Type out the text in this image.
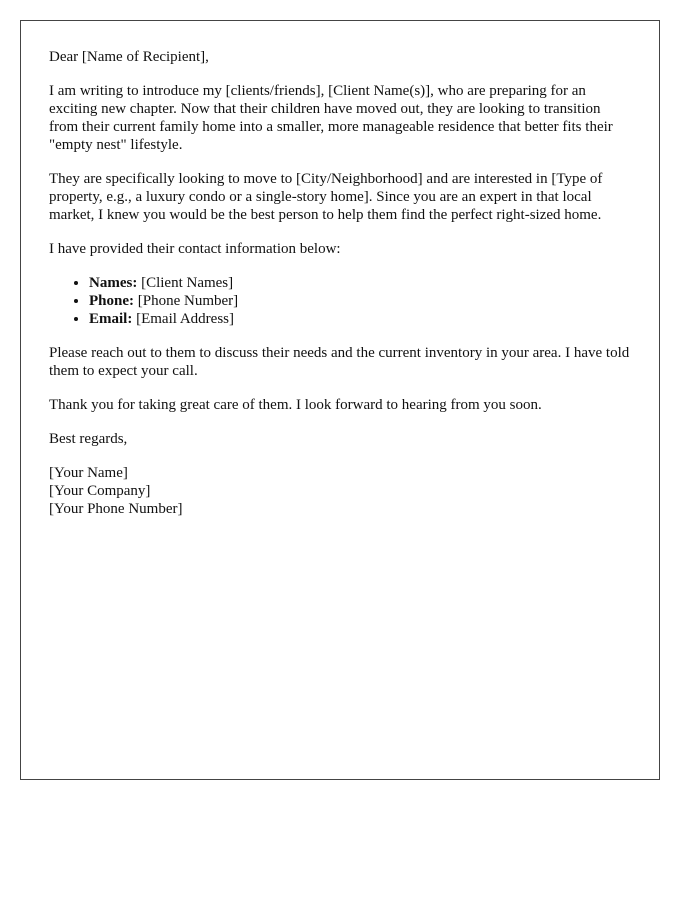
Dear [Name of Recipient],

I am writing to introduce my [clients/friends], [Client Name(s)], who are preparing for an exciting new chapter. Now that their children have moved out, they are looking to transition from their current family home into a smaller, more manageable residence that better fits their "empty nest" lifestyle.

They are specifically looking to move to [City/Neighborhood] and are interested in [Type of property, e.g., a luxury condo or a single-story home]. Since you are an expert in that local market, I knew you would be the best person to help them find the perfect right-sized home.

I have provided their contact information below:

• Names: [Client Names]
• Phone: [Phone Number]
• Email: [Email Address]

Please reach out to them to discuss their needs and the current inventory in your area. I have told them to expect your call.

Thank you for taking great care of them. I look forward to hearing from you soon.

Best regards,

[Your Name]
[Your Company]
[Your Phone Number]
